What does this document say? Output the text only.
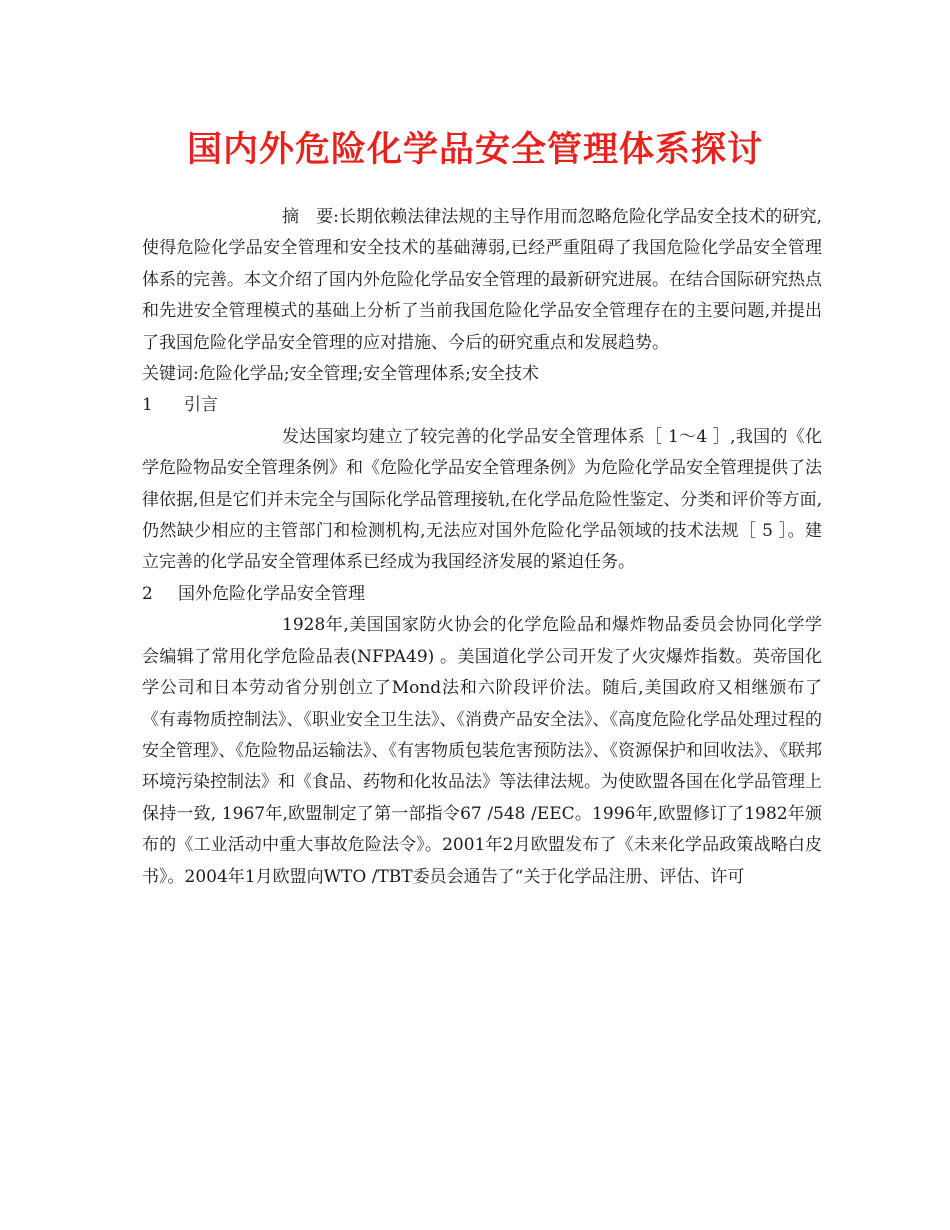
国内外危险化学品安全管理体系探讨

摘　要:长期依赖法律法规的主导作用而忽略危险化学品安全技术的研究,使得危险化学品安全管理和安全技术的基础薄弱,已经严重阻碍了我国危险化学品安全管理体系的完善。本文介绍了国内外危险化学品安全管理的最新研究进展。在结合国际研究热点和先进安全管理模式的基础上分析了当前我国危险化学品安全管理存在的主要问题,并提出了我国危险化学品安全管理的应对措施、今后的研究重点和发展趋势。

关键词:危险化学品;安全管理;安全管理体系;安全技术

1 引言

发达国家均建立了较完善的化学品安全管理体系［ 1～4 ］,我国的《化学危险物品安全管理条例》和《危险化学品安全管理条例》为危险化学品安全管理提供了法律依据,但是它们并未完全与国际化学品管理接轨,在化学品危险性鉴定、分类和评价等方面,仍然缺少相应的主管部门和检测机构,无法应对国外危险化学品领域的技术法规［ 5 ］。建立完善的化学品安全管理体系已经成为我国经济发展的紧迫任务。

2 国外危险化学品安全管理

1928年,美国国家防火协会的化学危险品和爆炸物品委员会协同化学学会编辑了常用化学危险品表(NFPA49) 。美国道化学公司开发了火灾爆炸指数。英帝国化学公司和日本劳动省分别创立了Mond法和六阶段评价法。随后,美国政府又相继颁布了《有毒物质控制法》、《职业安全卫生法》、《消费产品安全法》、《高度危险化学品处理过程的安全管理》、《危险物品运输法》、《有害物质包装危害预防法》、《资源保护和回收法》、《联邦环境污染控制法》和《食品、药物和化妆品法》等法律法规。为使欧盟各国在化学品管理上保持一致, 1967年,欧盟制定了第一部指令67 /548 /EEC。1996年,欧盟修订了1982年颁布的《工业活动中重大事故危险法令》。2001年2月欧盟发布了《未来化学品政策战略白皮书》。2004年1月欧盟向WTO /TBT委员会通告了“关于化学品注册、评估、许可
